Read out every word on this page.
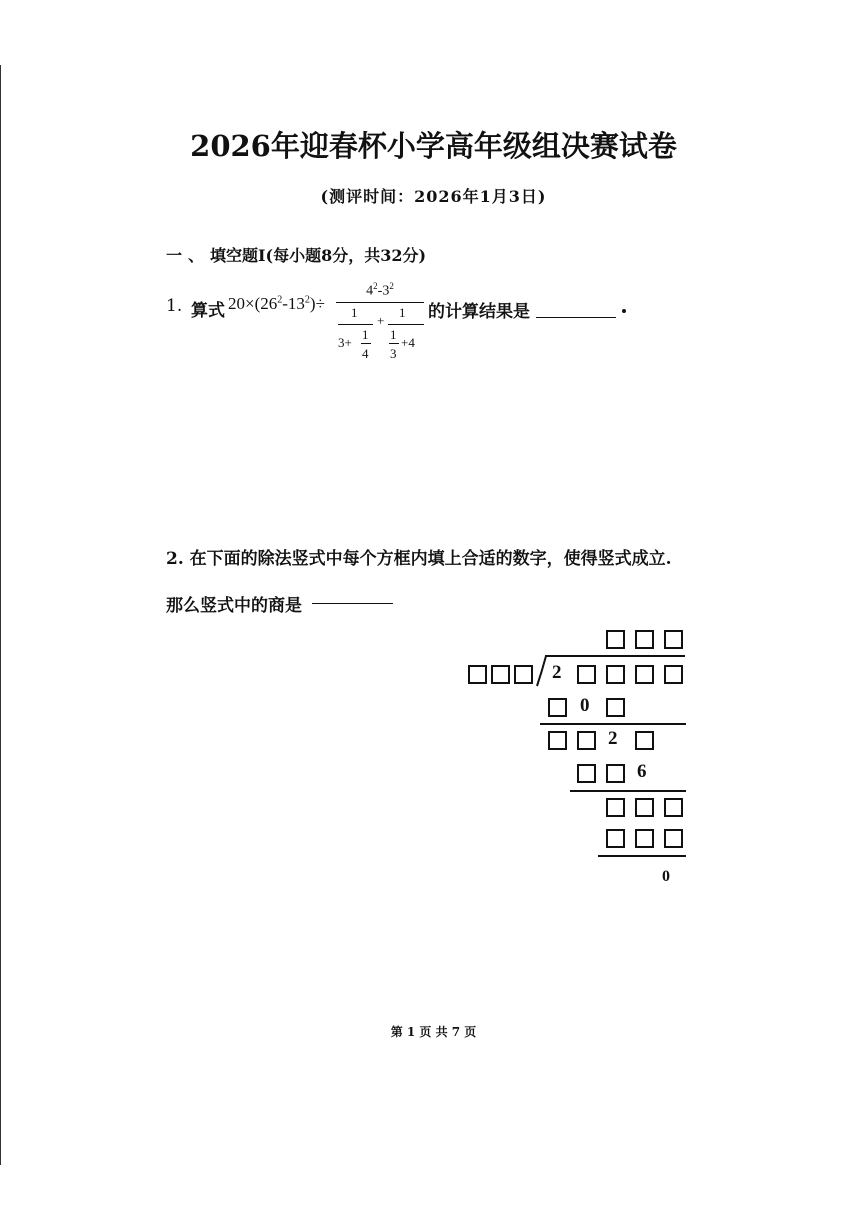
2026年迎春杯小学高年级组决赛试卷
(测评时间：2026年1月3日)
一 、 填空题I(每小题8分，共32分)
1. 算式 $20\times(26^2-13^2)\div$
$4^2-3^2$
1
3+
1
4
+
1
1
3
+4
的计算结果是
2. 在下面的除法竖式中每个方框内填上合适的数字，使得竖式成立.
那么竖式中的商是
2
0
2
6
0
第 1 页 共 7 页
